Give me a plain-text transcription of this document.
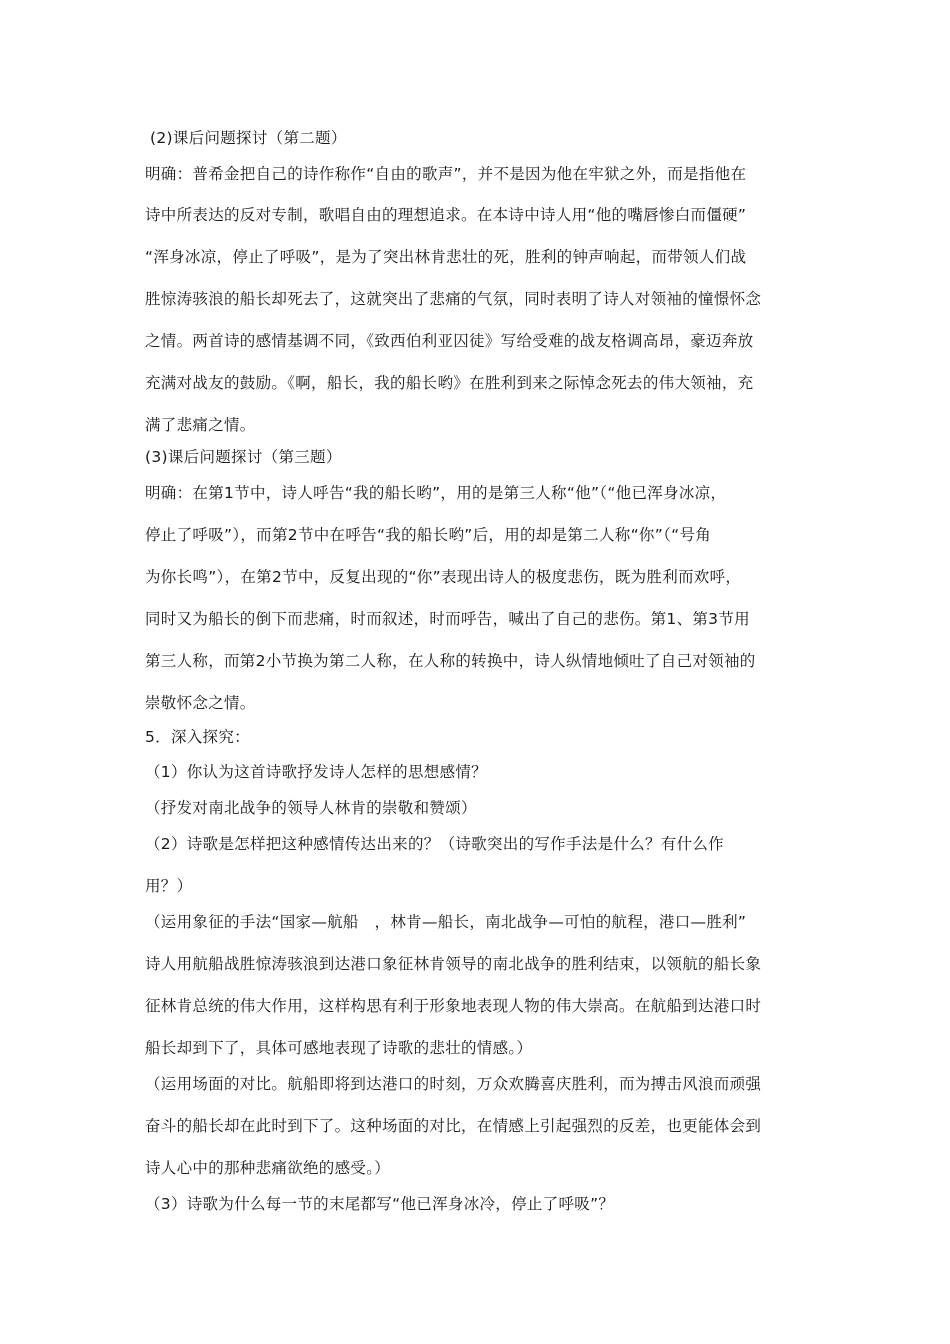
(2)课后问题探讨（第二题）
明确：普希金把自己的诗作称作“自由的歌声”，并不是因为他在牢狱之外，而是指他在
诗中所表达的反对专制，歌唱自由的理想追求。在本诗中诗人用“他的嘴唇惨白而僵硬”
“浑身冰凉，停止了呼吸”，是为了突出林肯悲壮的死，胜利的钟声响起，而带领人们战
胜惊涛骇浪的船长却死去了，这就突出了悲痛的气氛，同时表明了诗人对领袖的憧憬怀念
之情。两首诗的感情基调不同，《致西伯利亚囚徒》写给受难的战友格调高昂，豪迈奔放
充满对战友的鼓励。《啊，船长，我的船长哟》在胜利到来之际悼念死去的伟大领袖，充
满了悲痛之情。
(3)课后问题探讨（第三题）
明确：在第1节中，诗人呼告“我的船长哟”，用的是第三人称“他”（“他已浑身冰凉，
停止了呼吸”），而第2节中在呼告“我的船长哟”后，用的却是第二人称“你”（“号角
为你长鸣”），在第2节中，反复出现的“你”表现出诗人的极度悲伤，既为胜利而欢呼，
同时又为船长的倒下而悲痛，时而叙述，时而呼告，喊出了自己的悲伤。第1、第3节用
第三人称，而第2小节换为第二人称，在人称的转换中，诗人纵情地倾吐了自己对领袖的
崇敬怀念之情。
5．深入探究：
（1）你认为这首诗歌抒发诗人怎样的思想感情？
（抒发对南北战争的领导人林肯的崇敬和赞颂）
（2）诗歌是怎样把这种感情传达出来的？（诗歌突出的写作手法是什么？有什么作
用？）
（运用象征的手法“国家—航船　，林肯—船长，南北战争—可怕的航程，港口—胜利”
诗人用航船战胜惊涛骇浪到达港口象征林肯领导的南北战争的胜利结束，以领航的船长象
征林肯总统的伟大作用，这样构思有利于形象地表现人物的伟大崇高。在航船到达港口时
船长却到下了，具体可感地表现了诗歌的悲壮的情感。）
（运用场面的对比。航船即将到达港口的时刻，万众欢腾喜庆胜利，而为搏击风浪而顽强
奋斗的船长却在此时到下了。这种场面的对比，在情感上引起强烈的反差，也更能体会到
诗人心中的那种悲痛欲绝的感受。）
（3）诗歌为什么每一节的末尾都写“他已浑身冰冷，停止了呼吸”？
